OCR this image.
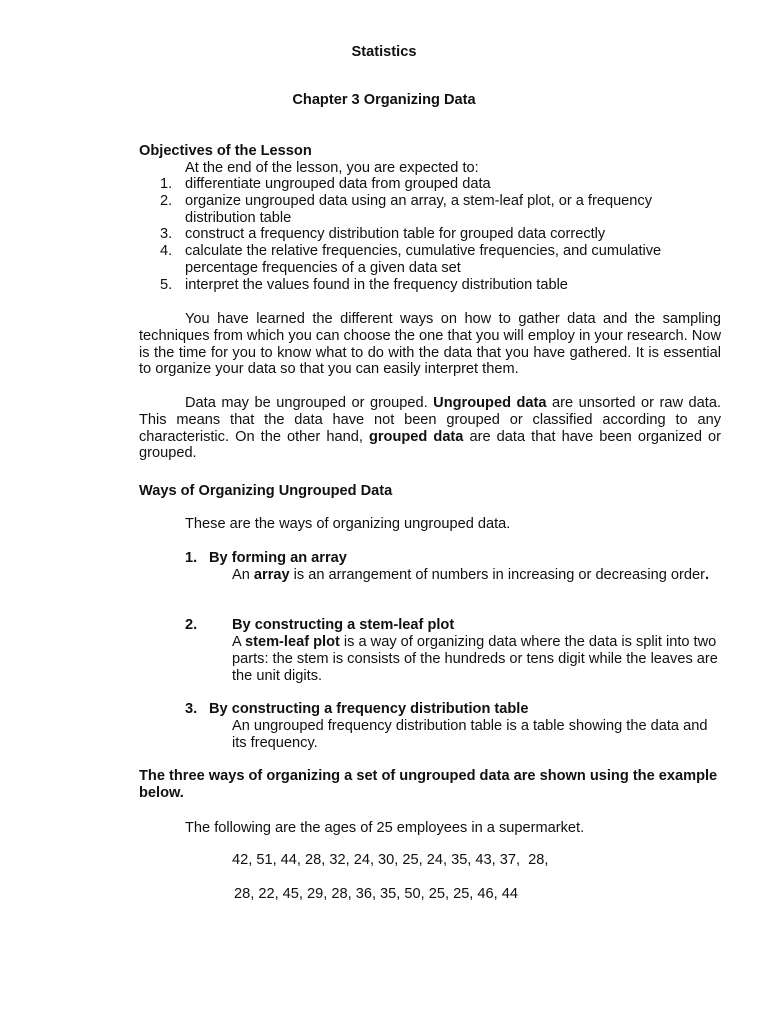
Statistics
Chapter 3 Organizing Data
Objectives of the Lesson
At the end of the lesson, you are expected to:
1. differentiate ungrouped data from grouped data
2. organize ungrouped data using an array, a stem-leaf plot, or a frequency distribution table
3. construct a frequency distribution table for grouped data correctly
4. calculate the relative frequencies, cumulative frequencies, and cumulative percentage frequencies of a given data set
5. interpret the values found in the frequency distribution table
You have learned the different ways on how to gather data and the sampling techniques from which you can choose the one that you will employ in your research. Now is the time for you to know what to do with the data that you have gathered. It is essential to organize your data so that you can easily interpret them.
Data may be ungrouped or grouped. Ungrouped data are unsorted or raw data. This means that the data have not been grouped or classified according to any characteristic. On the other hand, grouped data are data that have been organized or grouped.
Ways of Organizing Ungrouped Data
These are the ways of organizing ungrouped data.
1. By forming an array
An array is an arrangement of numbers in increasing or decreasing order.
2. By constructing a stem-leaf plot
A stem-leaf plot is a way of organizing data where the data is split into two parts: the stem is consists of the hundreds or tens digit while the leaves are the unit digits.
3. By constructing a frequency distribution table
An ungrouped frequency distribution table is a table showing the data and its frequency.
The three ways of organizing a set of ungrouped data are shown using the example below.
The following are the ages of 25 employees in a supermarket.
42, 51, 44, 28, 32, 24, 30, 25, 24, 35, 43, 37,  28,
28, 22, 45, 29, 28, 36, 35, 50, 25, 25, 46, 44
